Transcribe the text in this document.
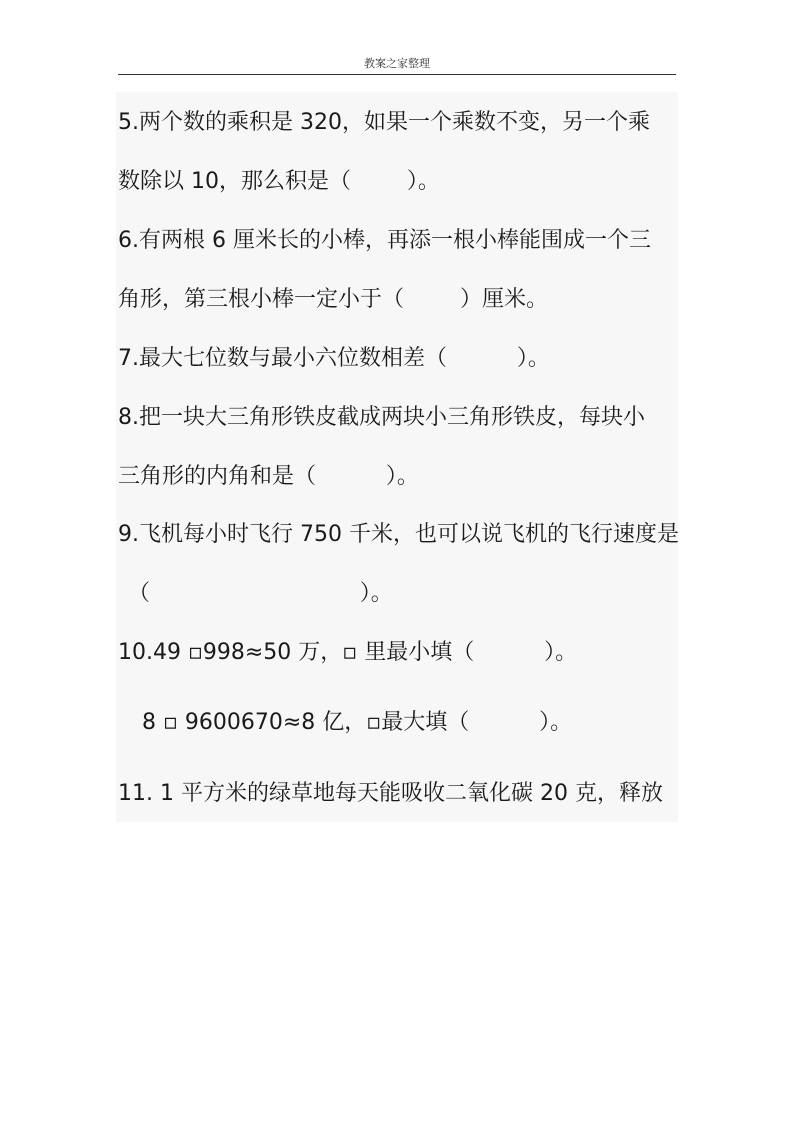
教案之家整理
5.两个数的乘积是 320，如果一个乘数不变，另一个乘
数除以 10，那么积是（        ）。
6.有两根 6 厘米长的小棒，再添一根小棒能围成一个三
角形，第三根小棒一定小于（        ）厘米。
7.最大七位数与最小六位数相差（          ）。
8.把一块大三角形铁皮截成两块小三角形铁皮，每块小
三角形的内角和是（          ）。
9.飞机每小时飞行 750 千米，也可以说飞机的飞行速度是
（                              ）。
10.49 ▫998≈50 万，▫ 里最小填（          ）。
8 ▫ 9600670≈8 亿，▫最大填（          ）。
11. 1 平方米的绿草地每天能吸收二氧化碳 20 克，释放
